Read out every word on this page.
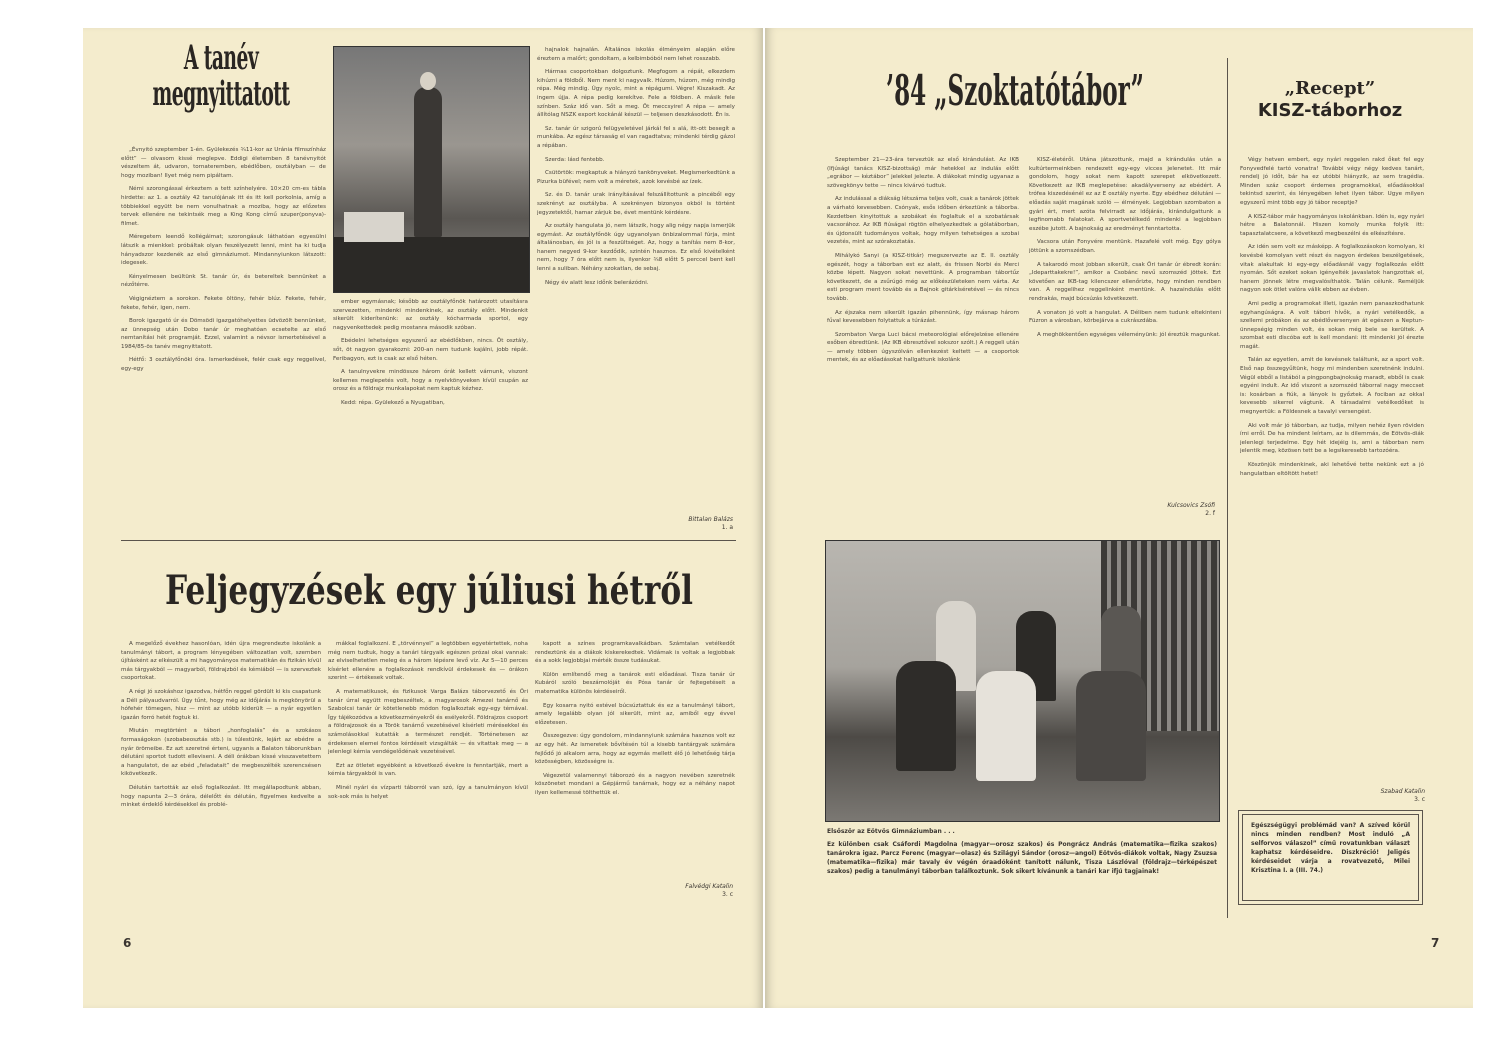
A tanév
megnyittatott

„Évnyitó szeptember 1-én. Gyülekezés ¾11-kor az Uránia filmszínház előtt” — olvasom kissé meglepve. Eddigi életemben 8 tanévnyitót vészeltem át, udvaron, tornateremben, ebédlőben, osztályban — de hogy moziban! Ilyet még nem pipáltam.

Némi szorongással érkeztem a tett színhelyére. 10×20 cm-es tábla hirdette: az 1. a osztály 42 tanulójának itt és itt kell porkolnia, amíg a többiekkel együtt be nem vonulhatnak a moziba, hogy az előzetes tervek ellenére ne tekintsék meg a King Kong című szuper(ponyva)-filmet.

Méregetem leendő kollégáimat; szorongásuk láthatóan egyesülni látszik a mienkkel: próbáltak olyan feszélyezett lenni, mint ha ki tudja hányadszor kezdenék az első gimnáziumot. Mindannyiunkon látszott: idegesek.

Kényelmesen beültünk St. tanár úr, és betereltek bennünket a nézőtérre.

Végignéztem a sorokon. Fekete öltöny, fehér blúz. Fekete, fehér, fekete, fehér, igen, nem.

Borok igazgató úr és Dömsödi igazgatóhelyettes üdvözölt bennünket, az ünnepség után Dobo tanár úr meghatóan ecsetelte az első nemtanítási hét programját. Ezzel, valamint a névsor ismertetésével a 1984/85-ös tanév megnyittatott.

Hétfő: 3 osztályfőnöki óra. Ismerkedések, felér csak egy reggelivel, egy-egy

ember egymásnak; később az osztályfőnök határozott utasításra szervezetten, mindenki mindenkinek, az osztály előtt. Mindenkit sikerült kiderítenünk: az osztály kócharmada sportol, egy nagyvenkettedek pedig mostanra második szóban.

Ebédelni lehetséges egyszerű az ebédlőkben, nincs. Öt osztály, sőt, öt nagyon gyarakozni: 200-an nem tudunk kajálni, jobb répát. Feribagyon, ezt is csak az első héten.

A tanulnyvekre mindössze három órát kellett várnunk, viszont kellemes meglepetés volt, hogy a nyelvkönyveken kívül csupán az orosz és a földrajz munkalapokat nem kaptuk kézhez.

Kedd: répa. Gyülekező a Nyugatiban,

hajnalok hajnalán. Általános iskolás élményeim alapján előre éreztem a malőrt; gondoltam, a kelbimbóból nem lehet rosszabb.

Hármas csoportokban dolgoztunk. Megfogom a répát, elkezdem kihúzni a földből. Nem ment ki nagyvalk. Húzom, húzom, még mindig répa. Még mindig. Úgy nyolc, mint a répágumi. Végre! Kiszakadt. Az ingem újja. A répa pedig kerekítve. Fele a földben. A másik fele színben. Száz idő van. Sőt a meg. Öt meccsyire! A répa — amely állítólag NSZK export kockánál készül — teljesen deszkásodott. Én is.

Sz. tanár úr szigorú felügyeletével járkál fel s alá, itt-ott besegít a munkába. Az egész társaság el van ragadtatva; mindenki térdig gázol a répában.

Szerda: lásd fentebb.

Csütörtök: megkaptuk a hiányzó tankönyveket. Megismerkedtünk a Pizurka büfével; nem volt a méretek, azok kevésbé az ízek.

Sz. és D. tanár urak irányításával felszállítottunk a pincéből egy szekrényt az osztályba. A szekrényen bizonyos okból is történt jegyzetektől, hamar zárjuk be, évet mentünk kérdésre.

Az osztály hangulata jó, nem látszik, hogy alig négy napja ismerjük egymást. Az osztályfőnök úgy ugyanolyan önbizalommal fúrja, mint általánosban, és jól is a feszültséget. Az, hogy a tanítás nem 8-kor, hanem negyed 9-kor kezdődik, szintén hasznos. Ez első kivételként nem, hogy 7 óra előtt nem is, ilyenkor ¾8 előtt 5 perccel bent kell lenni a suliban. Néhány szokatlan, de sebaj.

Négy év alatt lesz időnk belerázódni.

Bittalan Balázs
1. a
Feljegyzések egy júliusi hétről

A megelőző évekhez hasonlóan, idén újra megrendezte iskolánk a tanulmányi tábort, a program lényegében változatlan volt, szemben újításként az elkészült a mi hagyományos matematikán és fizikán kívül más tárgyakból — magyarból, földrajzból és kémiából — is szerveztek csoportokat.

A régi jó szokáshoz igazodva, hétfőn reggel gördült ki kis csapatunk a Déli pályaudvarról. Úgy tűnt, hogy még az időjárás is megkönyörül a hófehér tömegen, hisz — mint az utóbb kiderült — a nyár egyetlen igazán forró hetét fogtuk ki.

Miután megtörtént a tábori „honfoglalás” és a szokásos formaságokon (szobabeosztás stb.) is túlestünk, lejárt az ebédre a nyár örömeibe. Ez azt szeretné érteni, ugyanis a Balaton táborunkban délutáni sportot tudott elleviseni. A déli órákban kissé visszavetettem a hangulatot, de az ebéd „feladatait” de megbeszélték szerencsésen kikövetkezik.

Délután tartották az első foglalkozást. Itt megállapodtunk abban, hogy napunta 2—3 órára, délelőtt és délután, figyelmes kedvelte a minket érdeklő kérdésekkel és problé-

mákkal foglalkozni. E „törvénnyel” a legtöbben egyetértettek, noha még nem tudtuk, hogy a tanári tárgyaik egészen prózai okai vannak: az elviselhetetlen meleg és a három lépésre levő víz. Az 5—10 perces kísérlet ellenére a foglalkozások rendkívül érdekesek és — órákon szerint — értékesek voltak.

A matematikusok, és fizikusok Varga Balázs táborvezető és Őri tanár úrral együtt megbeszéltek, a magyarosok Amezei tanárnő és Szabolcsi tanár úr kötetlenebb módon foglalkoztak egy-egy témával. Így tájékozódva a következményekről és esélyekről. Földrajzos csoport a földrajzosok és a Török tanárnő vezetésével kísérleti mérésekkel és számolásokkal kutatták a természet rendjét. Történetesen az érdekesen elemei fontos kérdéseit vizsgálták — és vitattak meg — a jelenlegi kémia vendégelődénak vezetésével.

Ezt az ötletet egyébként a következő évekre is fenntartják, mert a kémia tárgyakból is van.

Minél nyári és vízparti táborról van szó, így a tanulmányon kívül sok-sok más is helyet

kapott a színes programkavalkádban. Számtalan vetélkedőt rendeztünk és a diákok kiskerekedtek. Vidámak is voltak a legjobbak és a sokk legjobbjai mérték össze tudásukat.

Külön említendő meg a tanárok esti előadásai. Tisza tanár úr Kubáról szóló beszámolóját és Pósa tanár úr fejtegetéseit a matematika különös kérdéseiről.

Egy kosarra nyitó estével búcsúztattuk és ez a tanulmányi tábort, amely legalább olyan jól sikerült, mint az, amiből egy évvel előzetesen.

Összegezve: úgy gondolom, mindannyiunk számára hasznos volt ez az egy hét. Az ismeretek bővítésén túl a kisebb tantárgyak számára fejlődő jó alkalom arra, hogy az egymás mellett élő jó lehetőség tárja közösségben, közösségre is.

Végezetül valamennyi táborozó és a nagyon nevében szeretnék köszönetet mondani a Gépjármű tanárnak, hogy ez a néhány napot ilyen kellemessé tölthettük el.

Falvédgi Katalin
3. c
6
’84 „Szoktatótábor”	„Recept”
KISZ-táborhoz

Szeptember 21—23-ára terveztük az első kirándulást. Az IKB (Ifjúsági tanács KISZ-bizottság) már hetekkel az indulás előtt „egrábor — kéztábor” jelekkel jelezte. A diákokat mindig ugyanaz a szövegkönyv tette — nincs kivárvó tudtuk.

Az indulással a diákság létszáma teljes volt, csak a tanárok jöttek a várható kevesebben. Csónyak, esős időben érkeztünk a táborba. Kezdetben kinyitottuk a szobákat és foglaltuk el a szobatársak vacsorához. Az IKB fiúságai rögtön elhelyezkedtek a gólatáborban, és újdonsült tudományos voltak, hogy milyen tehetséges a szobai vezetés, mint az szórakoztatás.

Mihálykó Sanyi (a KISZ-titkár) megszervezte az E. II. osztály egészét, hogy a táborban est ez alatt, és frissen Norbi és Merci közbe lépett. Nagyon sokat nevettünk. A programban tábortűz következett, de a zsűrúgó még az előkészületeken nem várta. Az esti program ment tovább és a Bajnok gitárkíséretével — és nincs tovább.

Az éjszaka nem sikerült igazán pihennünk, így másnap három fűval kevesebben folytattuk a túrázást.

Szombaton Varga Luci bácsi meteorológiai előrejelzése ellenére esőben ébredtünk. (Az IKB ébresztővel sokszor szólt.) A reggeli után — amely többen úgyszólván ellenkezést keltett — a csoportok mentek, és az előadásokat hallgattunk iskolánk

KISZ-életéről. Utána játszottunk, majd a kirándulás után a kultúrtermeinkben rendezett egy-egy vicces jelenetet. Itt már gondolom, hogy sokat nem kapott szerepet elkövetkezett. Következett az IKB meglepetése: akadályverseny az ebédért. A trófea kiszedésénél ez az E osztály nyerte. Egy ebédhez délutáni — előadás saját magának szóló — élmények. Legjobban szombaton a gyári ért, mert azóta felvirradt az időjárás, kirándulgattunk a legfinomabb falatokat. A sportvetélkedő mindenki a legjobban eszébe jutott. A bajnokság az eredményt fenntartotta.

Vacsora után Fonyvére mentünk. Hazafelé volt még. Egy gólya jöttünk a szomszédban.

A takarodó most jobban sikerült, csak Őri tanár úr ébredt korán: „Ideparttakekre!”, amikor a Csobánc nevű szomszéd jöttek. Ezt követően az IKB-tag kilencszer ellenőrizte, hogy minden rendben van. A reggelihez reggelinként mentünk. A hazaindulás előtt rendrakás, majd búcsúzás következett.

A vonaton jó volt a hangulat. A Déliben nem tudunk eltekinteni Füzron a városban, körbejárva a cukrászdába.

A meghökkentően egységes véleményünk: jól éreztük magunkat.

Kulcsovics Zsófi
2. f
Elsőször az Eötvös Gimnáziumban . . .
Ez különben csak Csáfordi Magdolna (magyar—orosz szakos) és Pongrácz András (matematika—fizika szakos) tanárokra igaz. Parcz Ferenc (magyar—olasz) és Szilágyi Sándor (orosz—angol) Eötvös-diákok voltak, Nagy Zsuzsa (matematika—fizika) már tavaly év végén óraadóként tanított nálunk, Tisza Lászlóval (földrajz—térképészet szakos) pedig a tanulmányi táborban találkoztunk. Sok sikert kívánunk a tanári kar ifjú tagjainak!

Végy hetven embert, egy nyári reggelen rakd őket fel egy Fonyvedfelé tartó vonatra! További végy négy kedves tanárt, rendelj jó időt, bár ha ez utóbbi hiányzik, az sem tragédia. Minden száz csoport érdemes programokkal, előadásokkal tekintsd szerint, és lényegében lehet ilyen tábor. Ugye milyen egyszerű mint több egy jó tábor receptje?

A KISZ-tábor már hagyományos iskolánkban. Idén is, egy nyári hétre a Balatonnál. Hiszen komoly munka folyik itt: tapasztalatcsere, a következő megbeszélni és elkészítésre.

Az idén sem volt ez másképp. A foglalkozásokon komolyan, ki kevésbé komolyan vett részt és nagyon érdekes beszélgetések, vitak alakultak ki egy-egy előadásnál vagy foglalkozás előtt nyomán. Sőt ezeket sokan igényelték javaslatok hangzottak el, hanem jönnek létre megvalósíthatók. Talán célunk. Reméljük nagyon sok ötlet valóra válik ebben az évben.

Ami pedig a programokat illeti, igazán nem panaszkodhatunk egyhangúságra. A volt tábori hívők, a nyári vetélkedők, a szellemi próbákon és az ebédlőversenyen át egészen a Neptun-ünnepségig minden volt, és sokan még bele se kerültek. A szombat esti discóba ezt is kell mondani: itt mindenki jól érezte magát.

Talán az egyetlen, amit de kevésnek találtunk, az a sport volt. Első nap összegyűltünk, hogy mi mindenben szeretnénk indulni. Végül ebből a listából a pingpongbajnokság maradt, ebből is csak egyéni indult. Az idő viszont a szomszéd táborral nagy meccset is: kosárban a fiúk, a lányok is győztek. A fociban az okkal kevesebb sikerrel vágtunk. A társadalmi vetélkedőket is megnyertük: a Földesnek a tavalyi versengést.

Aki volt már jó táborban, az tudja, milyen nehéz ilyen röviden írni erről. De ha mindent leírtam, az is dilemmás, de Eötvös-diák jelenlegi terjedelme. Egy hét idejéig is, ami a táborban nem jelentik meg, közösen tett be a legsikeresebb tartozóéra.

Köszönjük mindenkinek, aki lehetővé tette nekünk ezt a jó hangulatban eltöltött hetet!

Szabad Katalin
3. c
Egészségügyi problémád van? A szíved körül nincs minden rendben? Most induló „A selforvos válaszol” című rovatunkban választ kaphatsz kérdéseidre. Diszkréció! Jeligés kérdéseidet várja a rovatvezető, Milei Krisztina I. a (III. 74.)
7
